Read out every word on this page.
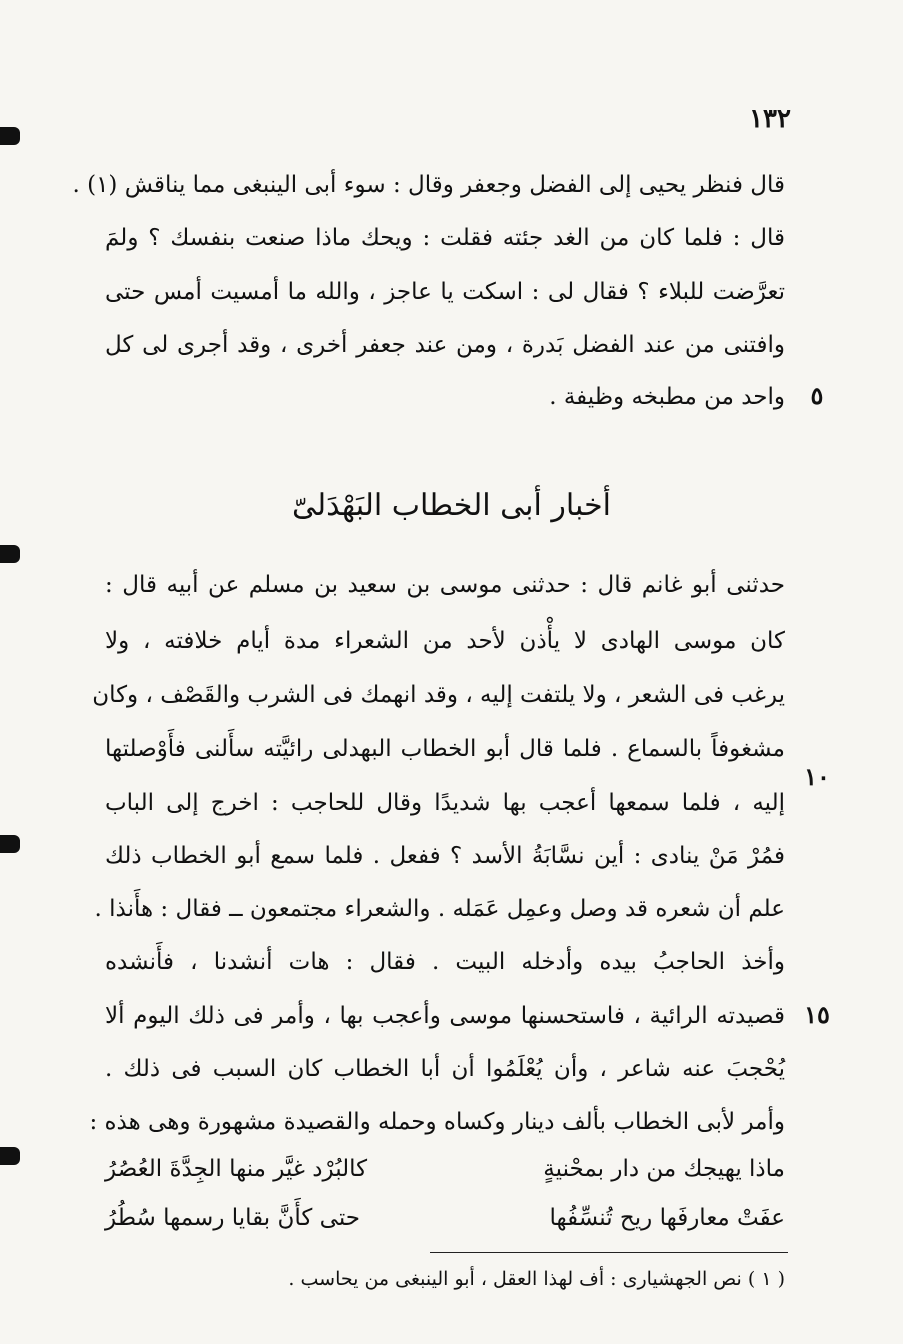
١٣٢
قال فنظر يحيى إلى الفضل وجعفر وقال : سوء أبى الينبغى مما يناقش (١) .
قال : فلما كان من الغد جئته فقلت : ويحك ماذا صنعت بنفسك ؟ ولمَ
تعرَّضت للبلاء ؟ فقال لى : اسكت يا عاجز ، والله ما أمسيت أمس حتى
وافتنى من عند الفضل بَدرة ، ومن عند جعفر أخرى ، وقد أجرى لى كل
واحد من مطبخه وظيفة .	٥
أخبار أبى الخطاب البَهْدَلىّ
حدثنى أبو غانم قال : حدثنى موسى بن سعيد بن مسلم عن أبيه قال :
كان موسى الهادى لا يأْذن لأحد من الشعراء مدة أيام خلافته ، ولا
يرغب فى الشعر ، ولا يلتفت إليه ، وقد انهمك فى الشرب والقَصْف ، وكان
مشغوفاً بالسماع . فلما قال أبو الخطاب البهدلى رائيَّته سأَلنى فأَوْصلتها
إليه ، فلما سمعها أعجب بها شديدًا وقال للحاجب : اخرج إلى الباب
فمُرْ مَنْ ينادى : أين نسَّابَةُ الأسد ؟ ففعل . فلما سمع أبو الخطاب ذلك
علم أن شعره قد وصل وعمِل عَمَله . والشعراء مجتمعون ــ فقال : هأَنذا .
وأخذ الحاجبُ بيده وأدخله البيت . فقال : هات أنشدنا ، فأَنشده
قصيدته الرائية ، فاستحسنها موسى وأعجب بها ، وأمر فى ذلك اليوم ألا
يُحْجبَ عنه شاعر ، وأن يُعْلَمُوا أن أبا الخطاب كان السبب فى ذلك .
وأمر لأبى الخطاب بألف دينار وكساه وحمله والقصيدة مشهورة وهى هذه :
١٠
١٥
ماذا يهيجك من دار بمحْنيةٍ
كالبُرْد غيَّر منها الجِدَّةَ العُصُرُ
عفَتْ معارفَها ريح تُنسِّفُها
حتى كأَنَّ بقايا رسمها سُطُرُ
( ١ ) نص الجهشيارى : أف لهذا العقل ، أبو الينبغى من يحاسب .
